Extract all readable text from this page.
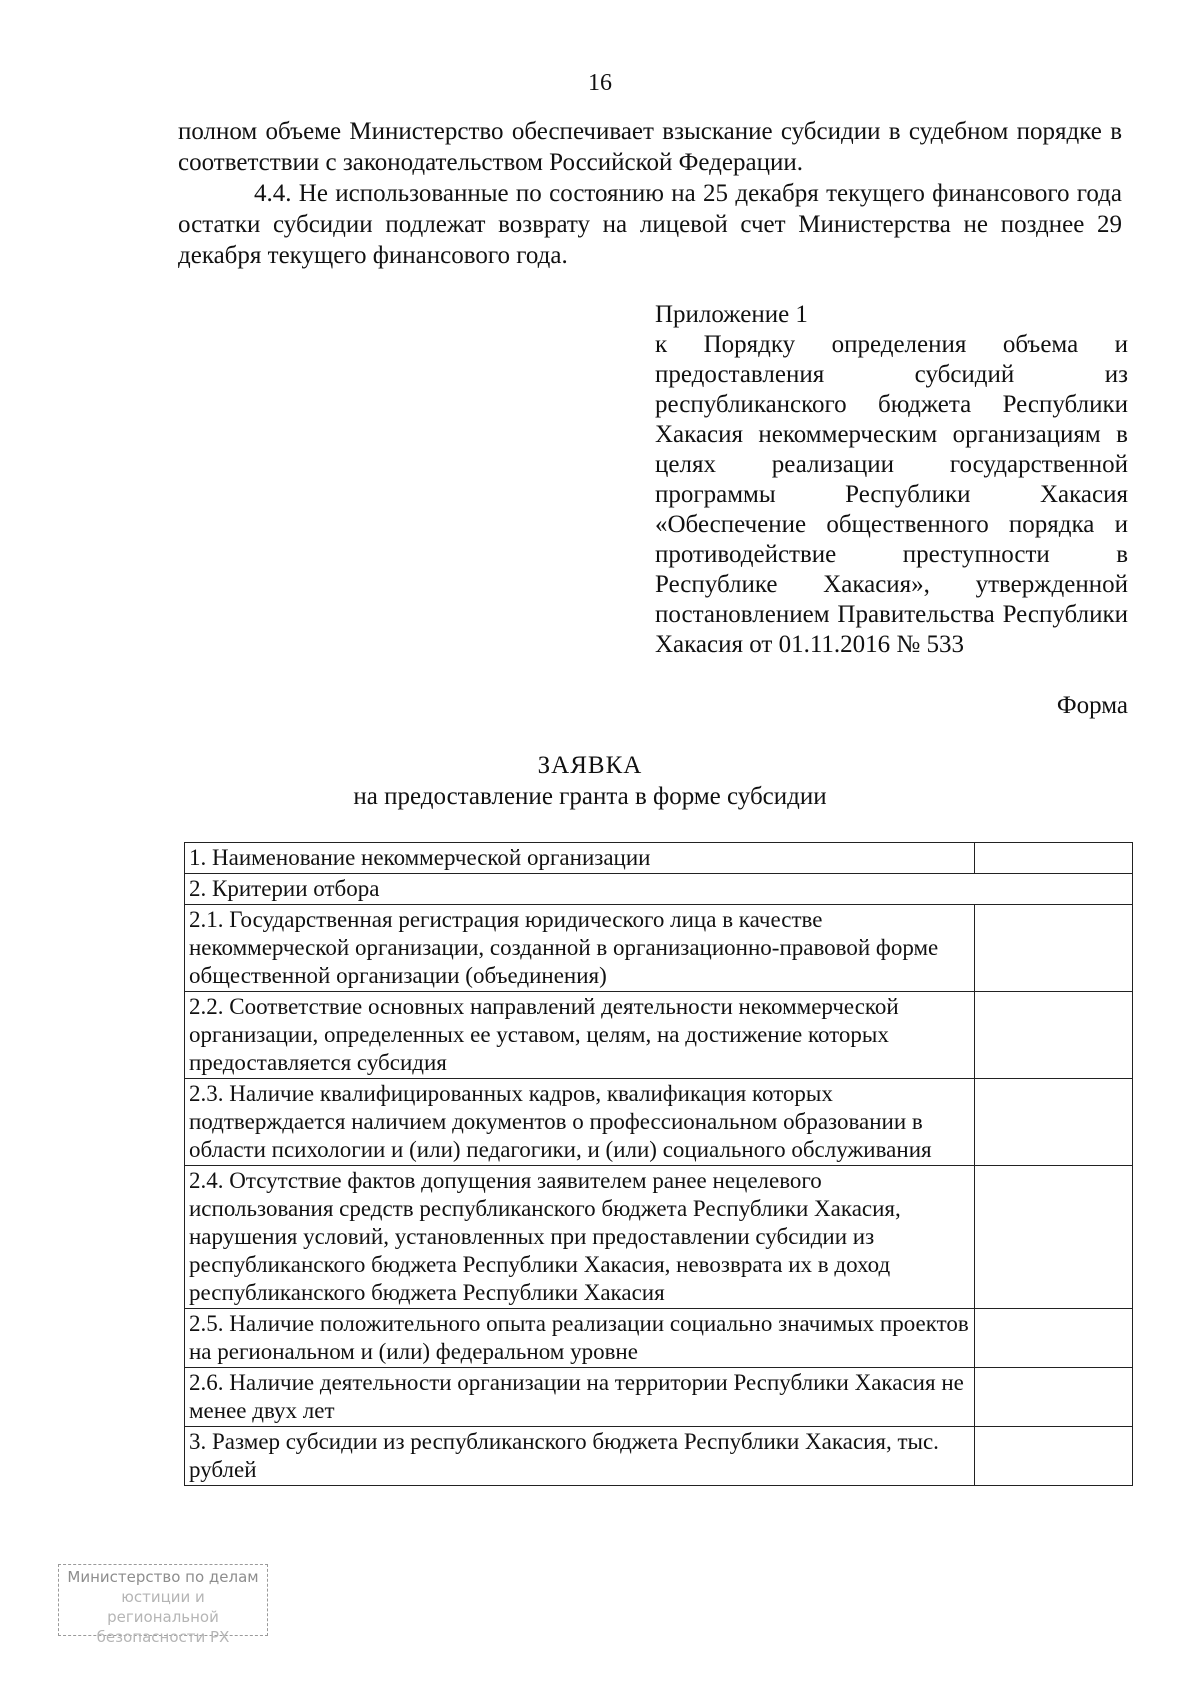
16

полном объеме Министерство обеспечивает взыскание субсидии в судебном порядке в соответствии с законодательством Российской Федерации.

4.4. Не использованные по состоянию на 25 декабря текущего финансового года остатки субсидии подлежат возврату на лицевой счет Министерства не позднее 29 декабря текущего финансового года.

Приложение 1
к Порядку определения объема и предоставления субсидий из республиканского бюджета Республики Хакасия некоммерческим организациям в целях реализации государственной программы Республики Хакасия «Обеспечение общественного порядка и противодействие преступности в Республике Хакасия», утвержденной постановлением Правительства Республики Хакасия от 01.11.2016 № 533
Форма
ЗАЯВКА
на предоставление гранта в форме субсидии
1. Наименование некоммерческой организации	
2. Критерии отбора	
2.1. Государственная регистрация юридического лица в качестве некоммерческой организации, созданной в организационно-правовой форме общественной организации (объединения)	
2.2. Соответствие основных направлений деятельности некоммерческой организации, определенных ее уставом, целям, на достижение которых предоставляется субсидия	
2.3. Наличие квалифицированных кадров, квалификация которых подтверждается наличием документов о профессиональном образовании в области психологии и (или) педагогики, и (или) социального обслуживания	
2.4. Отсутствие фактов допущения заявителем ранее нецелевого использования средств республиканского бюджета Республики Хакасия, нарушения условий, установленных при предоставлении субсидии из республиканского бюджета Республики Хакасия, невозврата их в доход республиканского бюджета Республики Хакасия	
2.5. Наличие положительного опыта реализации социально значимых проектов на региональном и (или) федеральном уровне	
2.6. Наличие деятельности организации на территории Республики Хакасия не менее двух лет	
3. Размер субсидии из республиканского бюджета Республики Хакасия, тыс. рублей	
Министерство по делам
юстиции и региональной
безопасности РХ
